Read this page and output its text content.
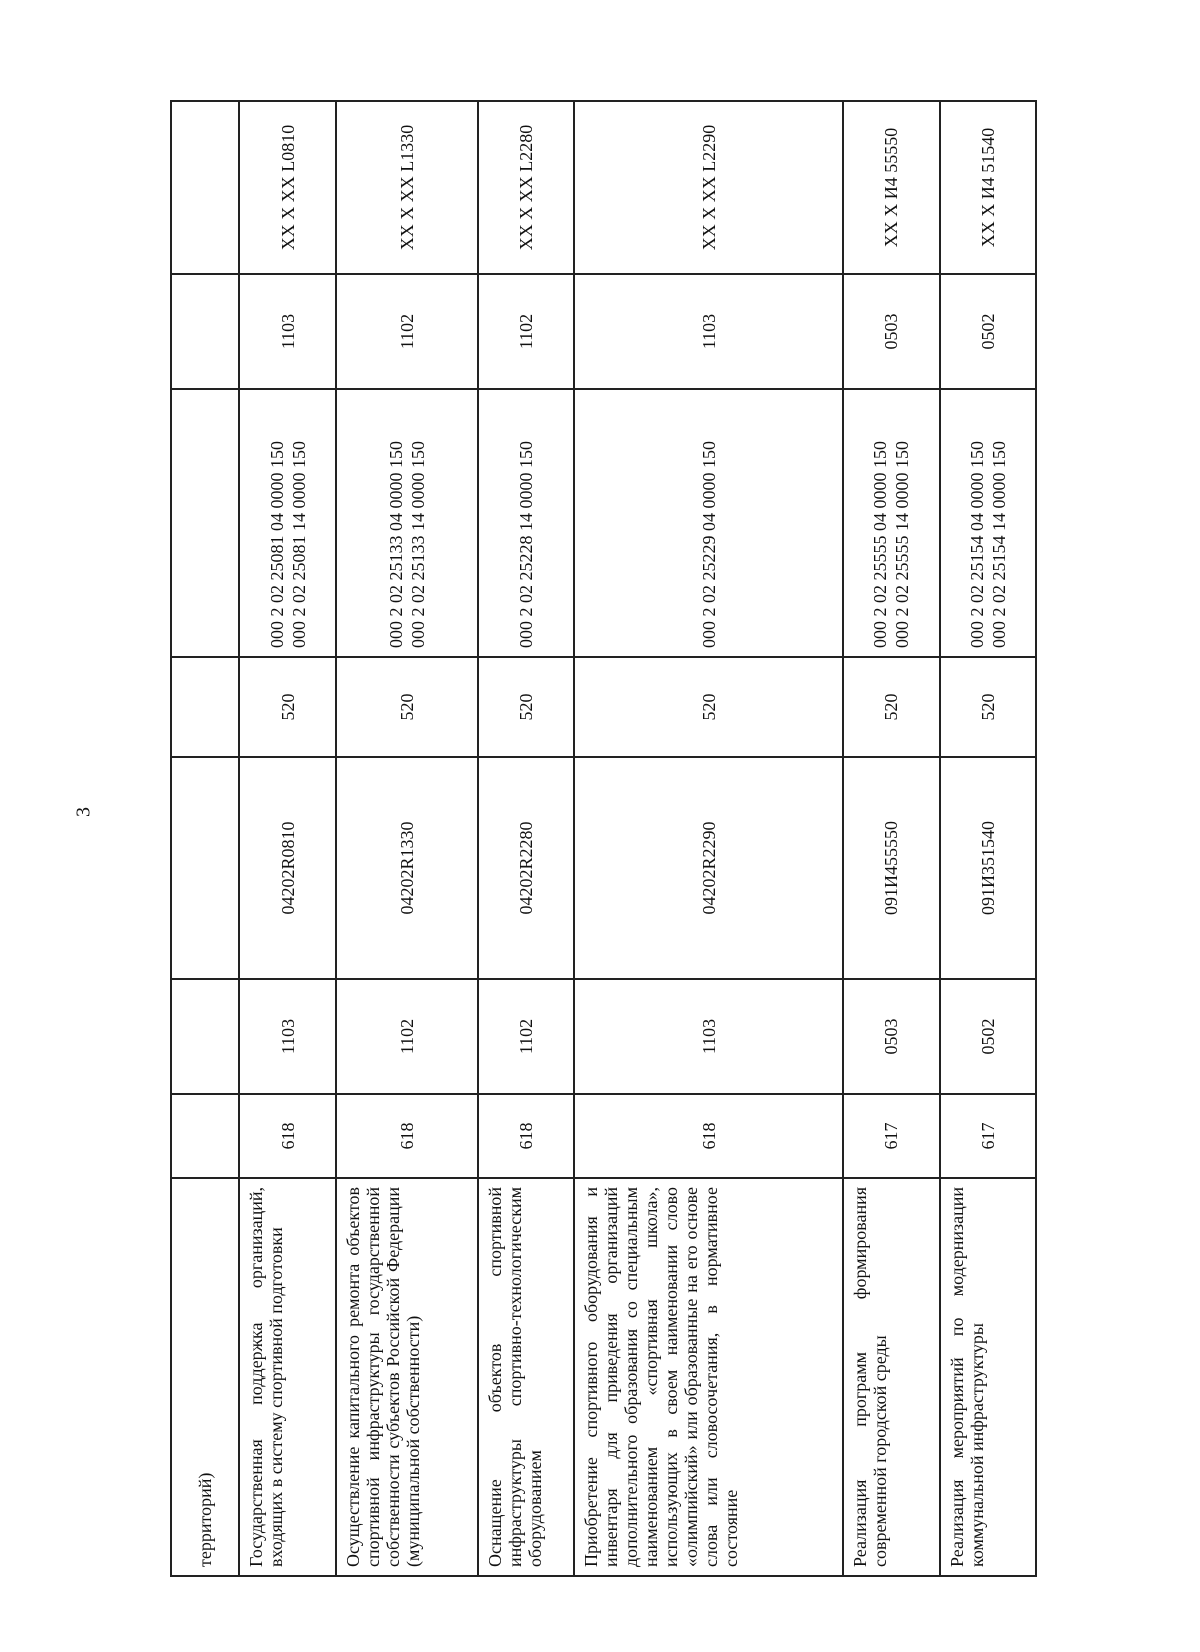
3
территорий)							
Государственная поддержка организаций, входящих в систему спортивной подготовки	618	1103	04202R0810	520	000 2 02 25081 04 0000 150 000 2 02 25081 14 0000 150	1103	XX X XX L0810
Осуществление капитального ремонта объектов спортивной инфраструктуры государственной собственности субъектов Российской Федерации (муниципальной собственности)	618	1102	04202R1330	520	000 2 02 25133 04 0000 150 000 2 02 25133 14 0000 150	1102	XX X XX L1330
Оснащение объектов спортивной инфраструктуры спортивно-технологическим оборудованием	618	1102	04202R2280	520	000 2 02 25228 14 0000 150	1102	XX X XX L2280
Приобретение спортивного оборудования и инвентаря для приведения организаций дополнительного образования со специальным наименованием «спортивная школа», использующих в своем наименовании слово «олимпийский» или образованные на его основе слова или словосочетания, в нормативное состояние	618	1103	04202R2290	520	000 2 02 25229 04 0000 150	1103	XX X XX L2290
Реализация программ формирования современной городской среды	617	0503	091И455550	520	000 2 02 25555 04 0000 150 000 2 02 25555 14 0000 150	0503	XX X И4 55550
Реализация мероприятий по модернизации коммунальной инфраструктуры	617	0502	091И351540	520	000 2 02 25154 04 0000 150 000 2 02 25154 14 0000 150	0502	XX X И4 51540
